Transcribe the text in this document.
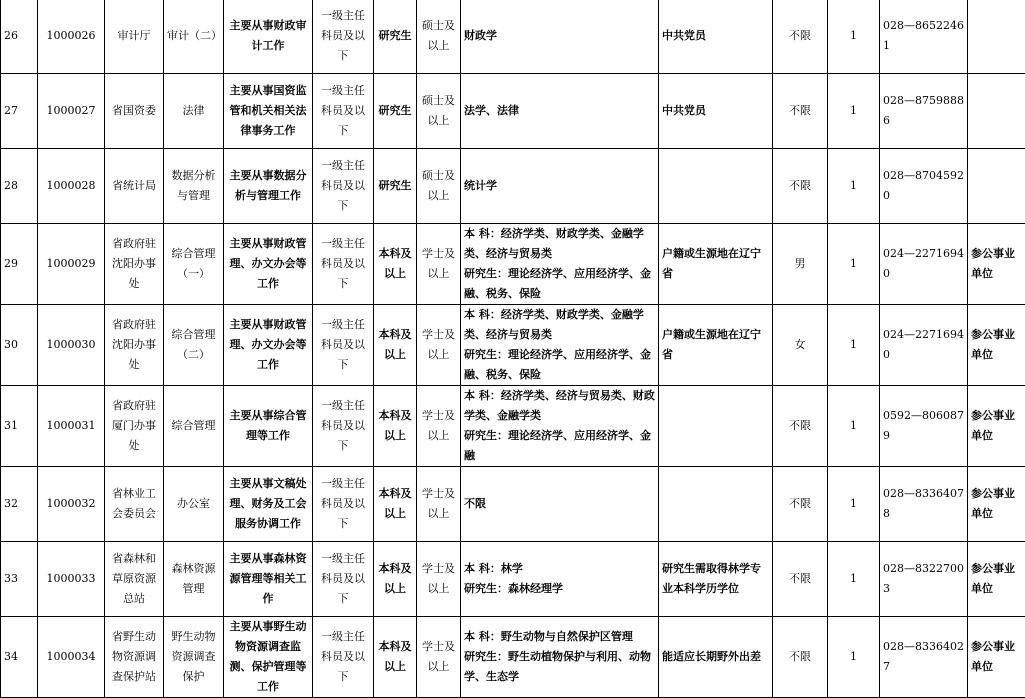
26	1000026	审计厅	审计（二）	主要从事财政审计工作	一级主任科员及以下	研究生	硕士及以上	财政学	中共党员	不限	1	028—86522461	
27	1000027	省国资委	法律	主要从事国资监管和机关相关法律事务工作	一级主任科员及以下	研究生	硕士及以上	法学、法律	中共党员	不限	1	028—87598886	
28	1000028	省统计局	数据分析与管理	主要从事数据分析与管理工作	一级主任科员及以下	研究生	硕士及以上	统计学		不限	1	028—87045920	
29	1000029	省政府驻沈阳办事处	综合管理（一）	主要从事财政管理、办文办会等工作	一级主任科员及以下	本科及以上	学士及以上	本 科：经济学类、财政学类、金融学类、经济与贸易类
研究生：理论经济学、应用经济学、金融、税务、保险	户籍或生源地在辽宁省	男	1	024—22716940	参公事业单位
30	1000030	省政府驻沈阳办事处	综合管理（二）	主要从事财政管理、办文办会等工作	一级主任科员及以下	本科及以上	学士及以上	本 科：经济学类、财政学类、金融学类、经济与贸易类
研究生：理论经济学、应用经济学、金融、税务、保险	户籍或生源地在辽宁省	女	1	024—22716940	参公事业单位
31	1000031	省政府驻厦门办事处	综合管理	主要从事综合管理等工作	一级主任科员及以下	本科及以上	学士及以上	本 科：经济学类、经济与贸易类、财政学类、金融学类
研究生：理论经济学、应用经济学、金融		不限	1	0592—8060879	参公事业单位
32	1000032	省林业工会委员会	办公室	主要从事文稿处理、财务及工会服务协调工作	一级主任科员及以下	本科及以上	学士及以上	不限		不限	1	028—83364078	参公事业单位
33	1000033	省森林和草原资源总站	森林资源管理	主要从事森林资源管理等相关工作	一级主任科员及以下	本科及以上	学士及以上	本 科：林学
研究生：森林经理学	研究生需取得林学专业本科学历学位	不限	1	028—83227003	参公事业单位
34	1000034	省野生动物资源调查保护站	野生动物资源调查保护	主要从事野生动物资源调查监测、保护管理等工作	一级主任科员及以下	本科及以上	学士及以上	本 科：野生动物与自然保护区管理
研究生：野生动植物保护与利用、动物学、生态学	能适应长期野外出差	不限	1	028—83364027	参公事业单位
